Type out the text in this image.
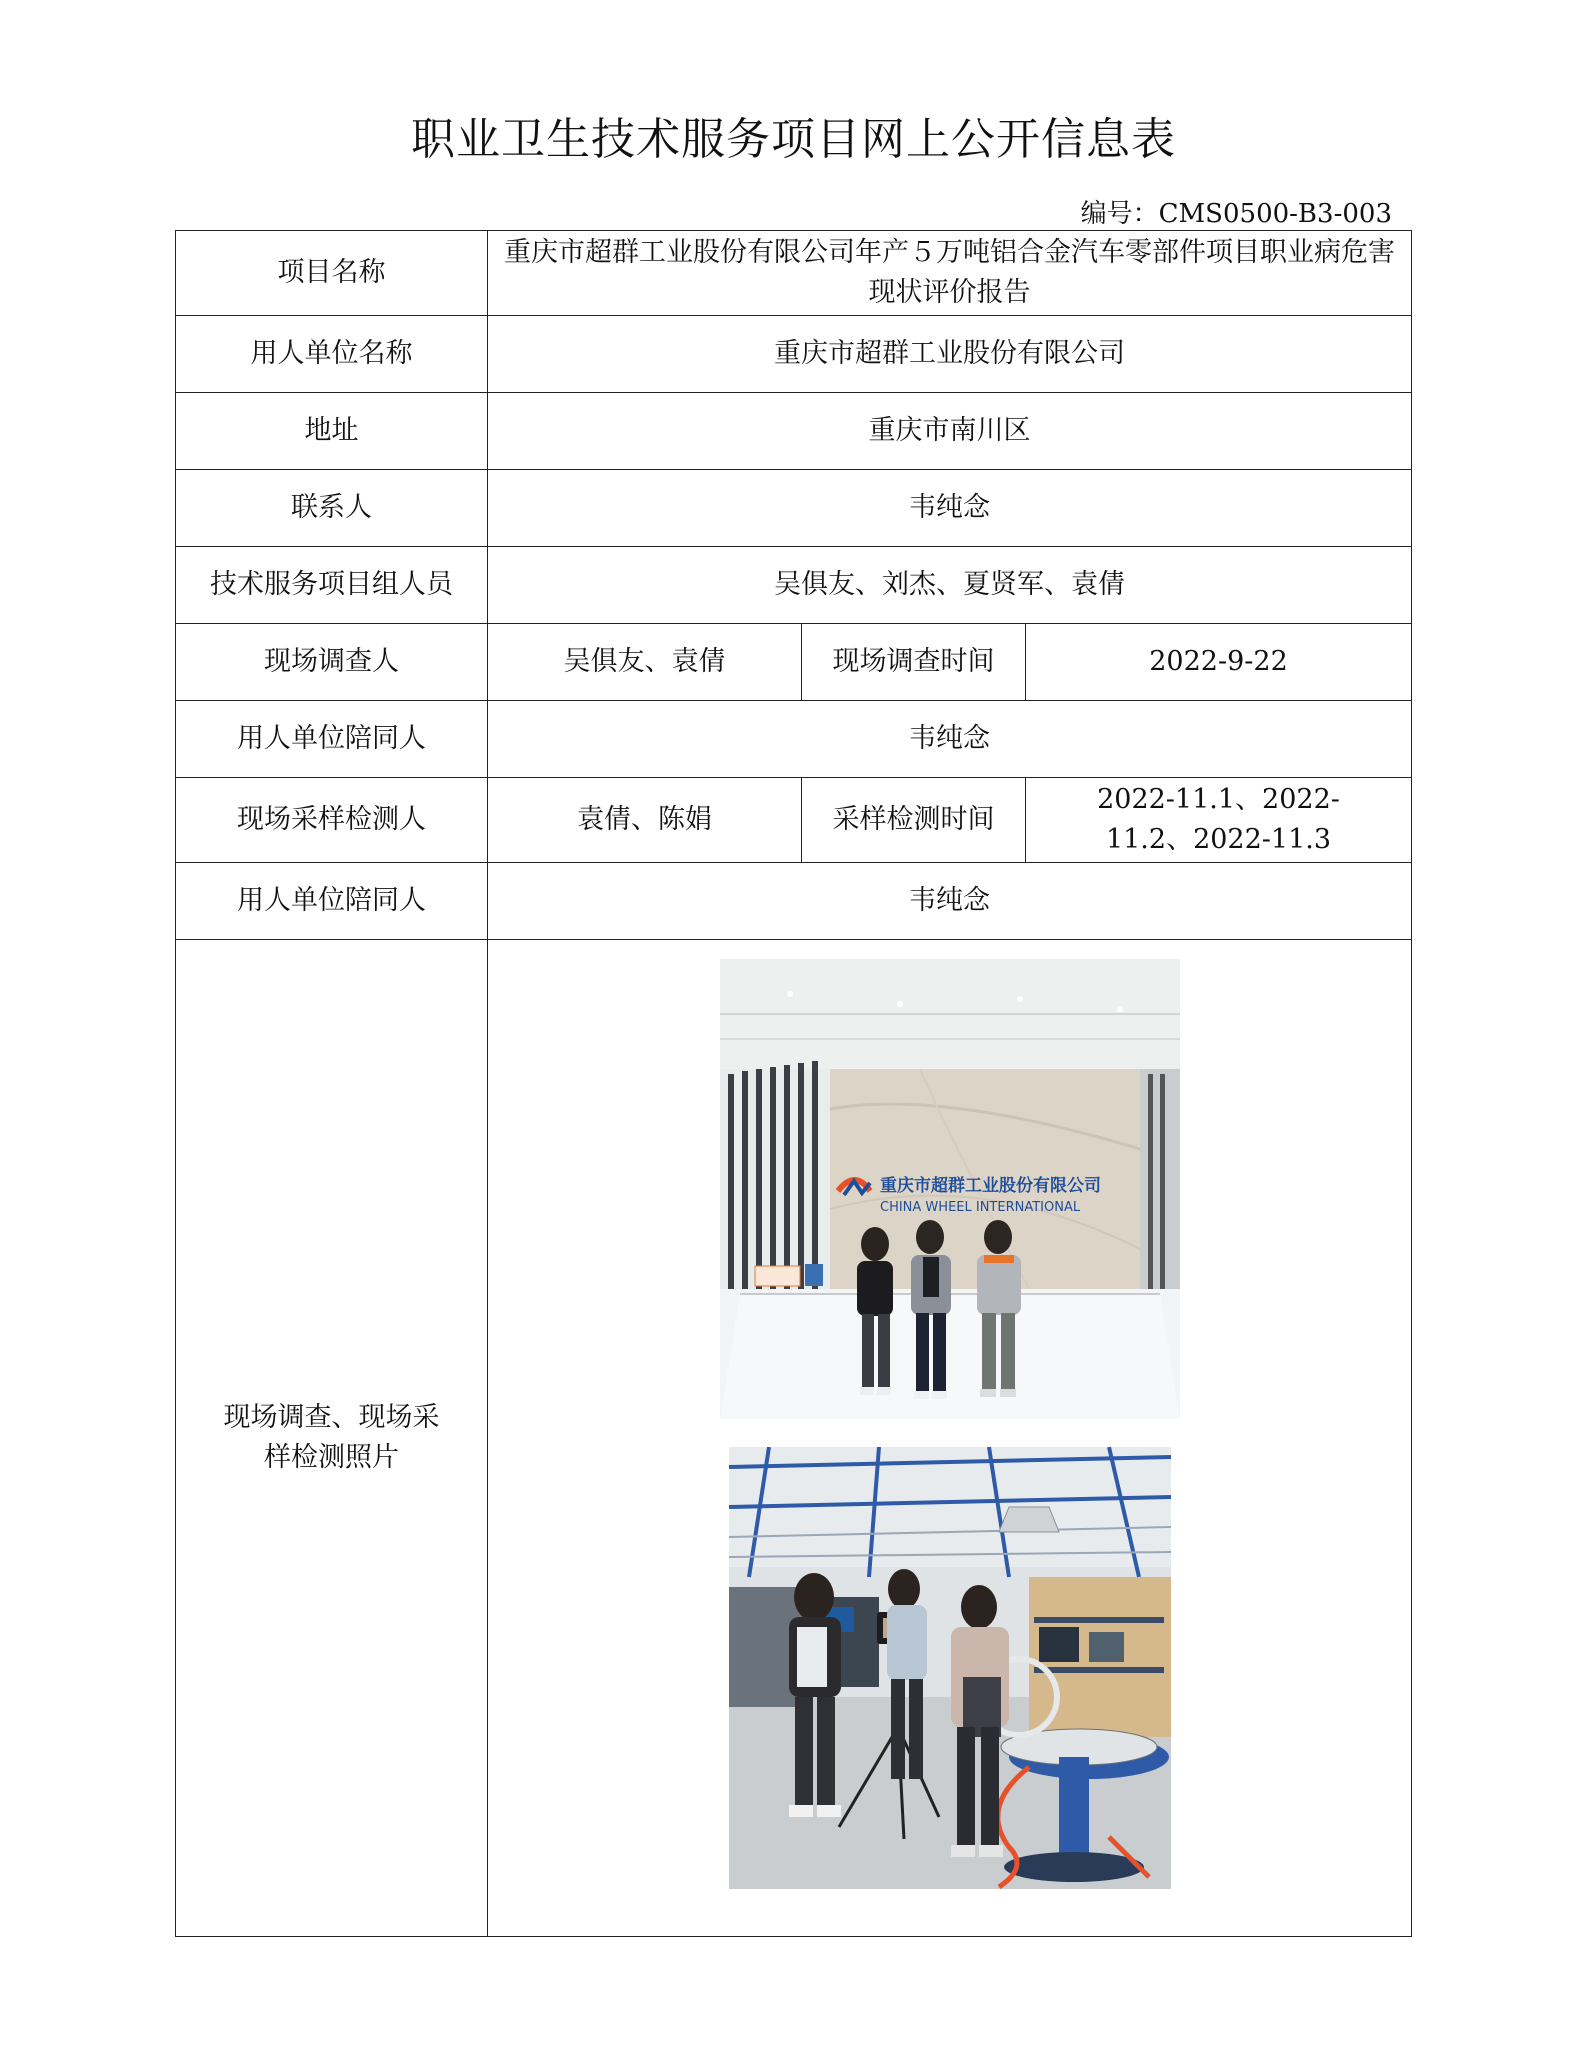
职业卫生技术服务项目网上公开信息表
编号：CMS0500-B3-003
项目名称	重庆市超群工业股份有限公司年产５万吨铝合金汽车零部件项目职业病危害现状评价报告		
用人单位名称	重庆市超群工业股份有限公司		
地址	重庆市南川区		
联系人	韦纯念		
技术服务项目组人员	吴俱友、刘杰、夏贤军、袁倩		
现场调查人	吴俱友、袁倩	现场调查时间	2022-9-22
用人单位陪同人	韦纯念		
现场采样检测人	袁倩、陈娟	采样检测时间	2022-11.1、2022-11.2、2022-11.3
用人单位陪同人	韦纯念		
现场调查、现场采样检测照片	重庆市超群工业股份有限公司
CHINA WHEEL INTERNATIONAL		
